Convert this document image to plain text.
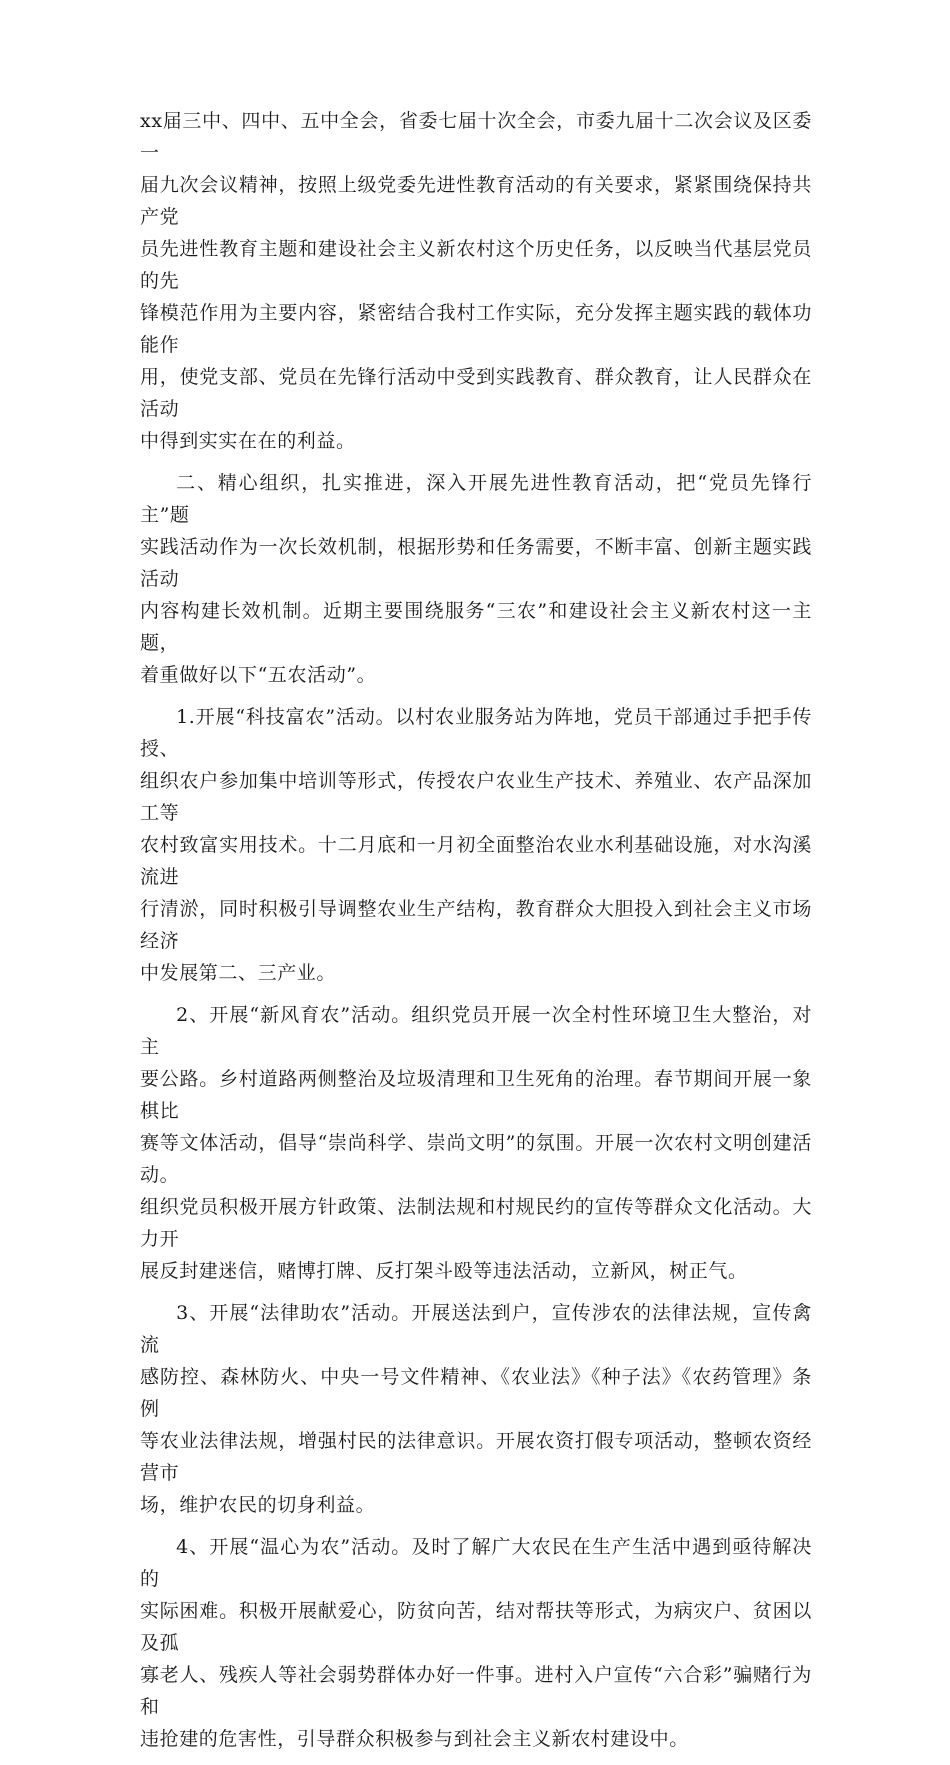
xx届三中、四中、五中全会，省委七届十次全会，市委九届十二次会议及区委一
届九次会议精神，按照上级党委先进性教育活动的有关要求，紧紧围绕保持共产党
员先进性教育主题和建设社会主义新农村这个历史任务，以反映当代基层党员的先
锋模范作用为主要内容，紧密结合我村工作实际，充分发挥主题实践的载体功能作
用，使党支部、党员在先锋行活动中受到实践教育、群众教育，让人民群众在活动
中得到实实在在的利益。

二、精心组织，扎实推进，深入开展先进性教育活动，把“党员先锋行主”题
实践活动作为一次长效机制，根据形势和任务需要，不断丰富、创新主题实践活动
内容构建长效机制。近期主要围绕服务“三农”和建设社会主义新农村这一主题，
着重做好以下“五农活动”。

1.开展“科技富农”活动。以村农业服务站为阵地，党员干部通过手把手传授、
组织农户参加集中培训等形式，传授农户农业生产技术、养殖业、农产品深加工等
农村致富实用技术。十二月底和一月初全面整治农业水利基础设施，对水沟溪流进
行清淤，同时积极引导调整农业生产结构，教育群众大胆投入到社会主义市场经济
中发展第二、三产业。

2、开展“新风育农”活动。组织党员开展一次全村性环境卫生大整治，对主
要公路。乡村道路两侧整治及垃圾清理和卫生死角的治理。春节期间开展一象棋比
赛等文体活动，倡导“崇尚科学、崇尚文明”的氛围。开展一次农村文明创建活动。
组织党员积极开展方针政策、法制法规和村规民约的宣传等群众文化活动。大力开
展反封建迷信，赌博打牌、反打架斗殴等违法活动，立新风，树正气。

3、开展“法律助农”活动。开展送法到户，宣传涉农的法律法规，宣传禽流
感防控、森林防火、中央一号文件精神、《农业法》《种子法》《农药管理》条例
等农业法律法规，增强村民的法律意识。开展农资打假专项活动，整顿农资经营市
场，维护农民的切身利益。

4、开展“温心为农”活动。及时了解广大农民在生产生活中遇到亟待解决的
实际困难。积极开展献爱心，防贫向苦，结对帮扶等形式，为病灾户、贫困以及孤
寡老人、残疾人等社会弱势群体办好一件事。进村入户宣传“六合彩”骗赌行为和
违抢建的危害性，引导群众积极参与到社会主义新农村建设中。
